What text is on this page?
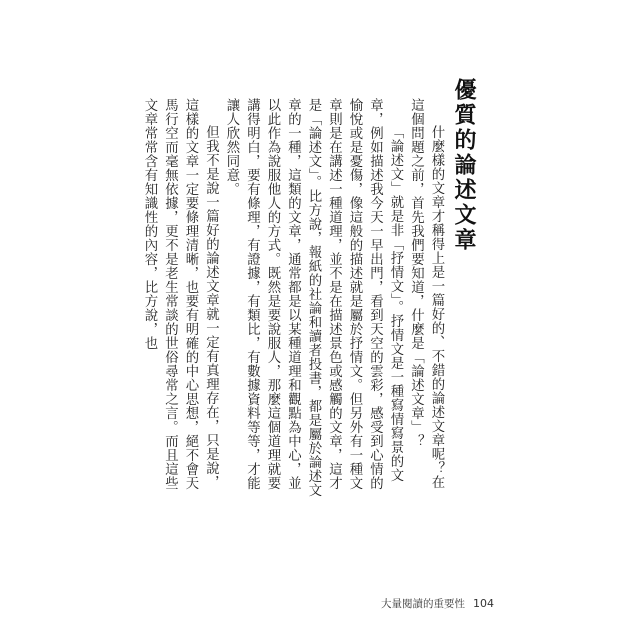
優質的論述文章

什麼樣的文章才稱得上是一篇好的、不錯的論述文章呢？在這個問題之前，首先我們要知道，什麼是「論述文章」？

「論述文」就是非「抒情文」。抒情文是一種寫情寫景的文章，例如描述我今天一早出門，看到天空的雲彩，感受到心情的愉悅或是憂傷，像這般的描述就是屬於抒情文。但另外有一種文章則是在講述一種道理，並不是在描述景色或感觸的文章，這才是「論述文」。比方說，報紙的社論和讀者投書，都是屬於論述文章的一種，這類的文章，通常都是以某種道理和觀點為中心，並以此作為說服他人的方式。既然是要說服人，那麼這個道理就要講得明白，要有條理，有證據，有類比，有數據資料等等，才能讓人欣然同意。

但我不是說一篇好的論述文章就一定有真理存在，只是說，這樣的文章一定要條理清晰，也要有明確的中心思想，絕不會天馬行空而毫無依據，更不是老生常談的世俗尋常之言。而且這些文章常常含有知識性的內容，比方說，也

大量閱讀的重要性 104
